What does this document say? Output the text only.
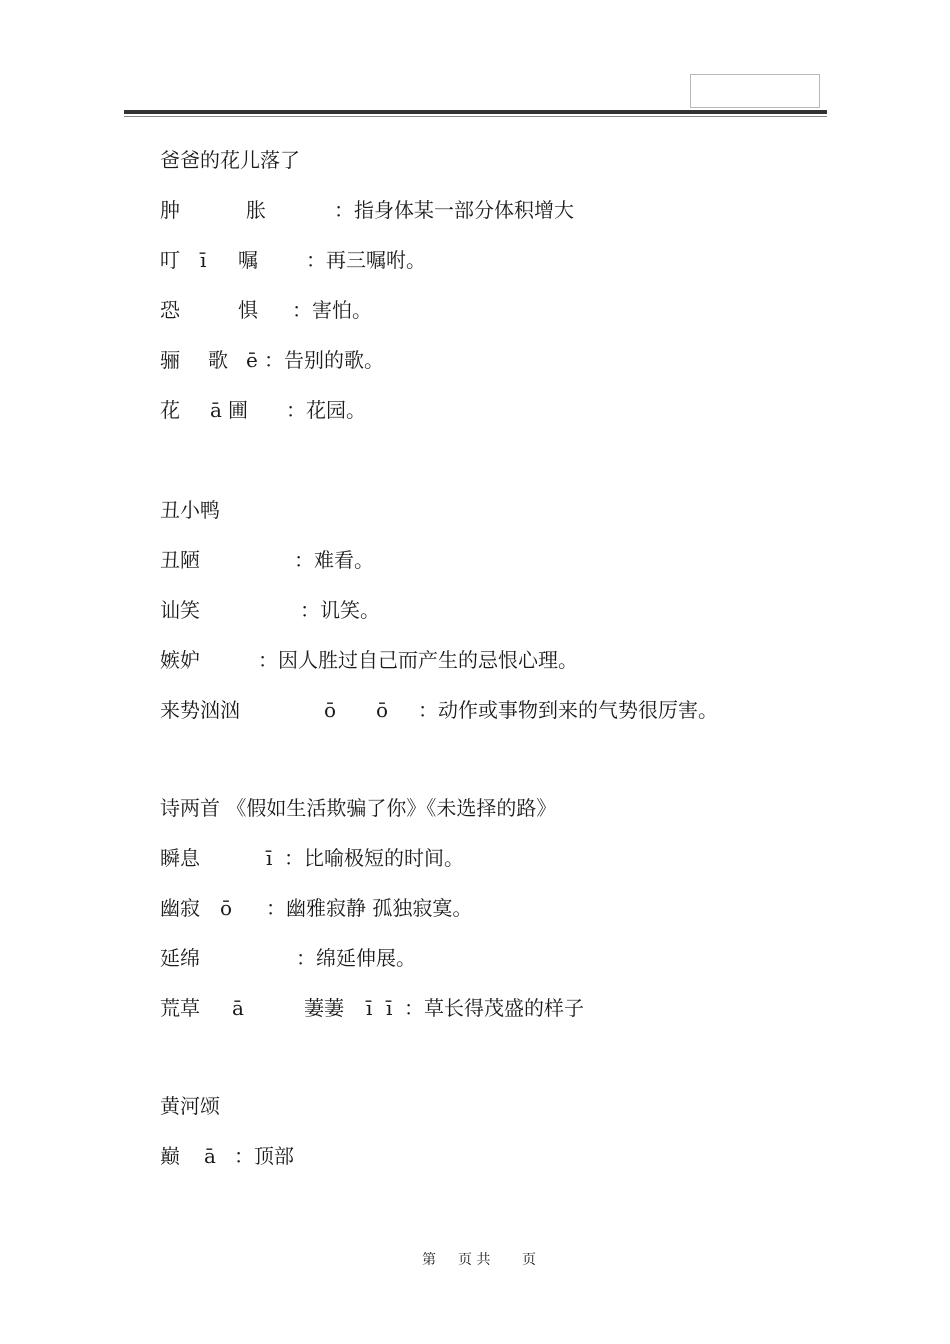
爸爸的花儿落了
肿	胀	：指身体某一部分体积增大
叮 ī 嘱 ：再三嘱咐。
恐	惧 ：害怕。
骊 歌 ē ：告别的歌。
花 ā 圃 ：花园。
丑小鸭
丑陋	：难看。
讪笑	：讥笑。
嫉妒	：因人胜过自己而产生的忌恨心理。
来势汹汹	ō ō ：动作或事物到来的气势很厉害。
诗两首 《假如生活欺骗了你》《未选择的路》
瞬息	ī ：比喻极短的时间。
幽寂 ō ：幽雅寂静 孤独寂寞。
延绵	：绵延伸展。
荒草 ā	萋萋 ī ī ：草长得茂盛的样子
黄河颂
巅 ā ：顶部
第 页 共 页
